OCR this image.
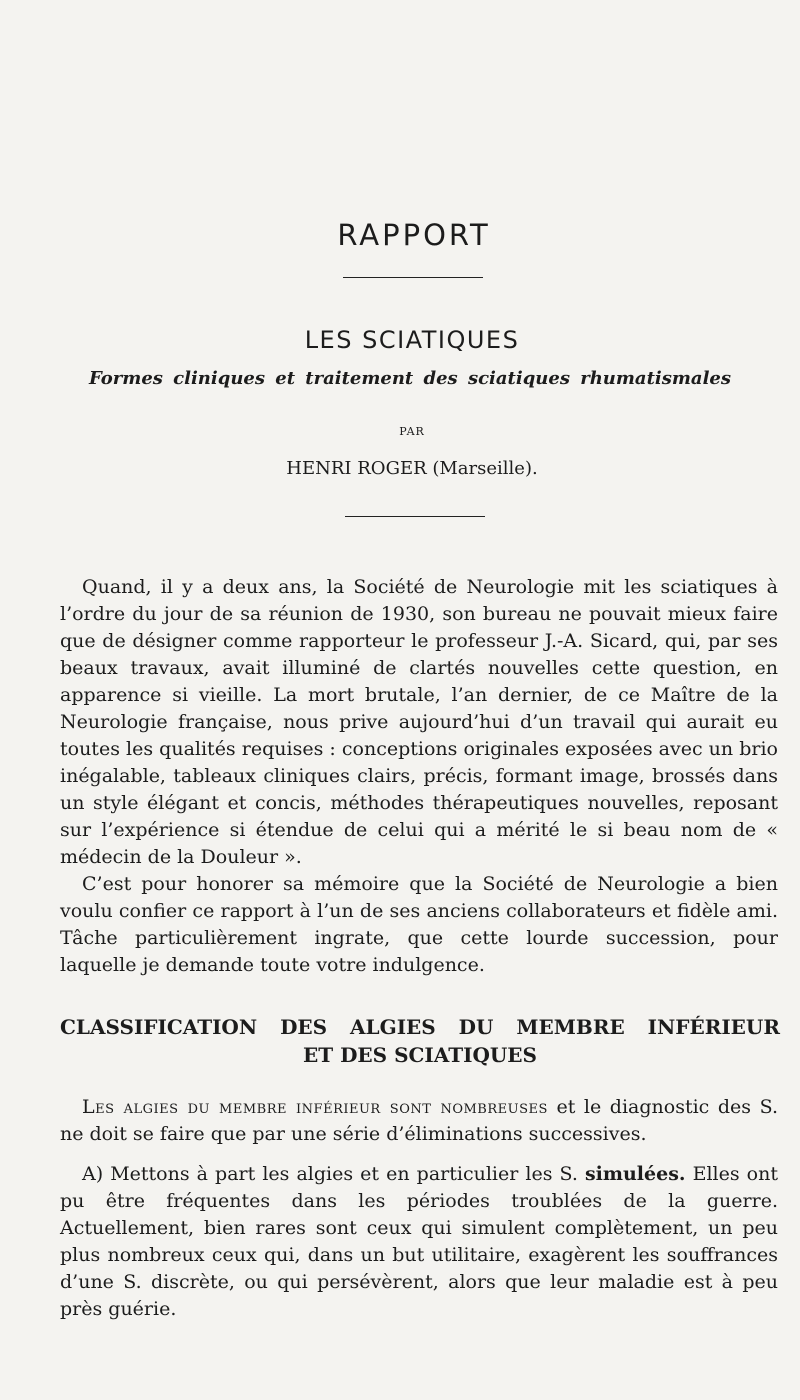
RAPPORT
LES SCIATIQUES
Formes cliniques et traitement des sciatiques rhumatismales
PAR
HENRI ROGER (Marseille).

Quand, il y a deux ans, la Société de Neurologie mit les sciatiques à l’ordre du jour de sa réunion de 1930, son bureau ne pouvait mieux faire que de désigner comme rapporteur le professeur J.-A. Sicard, qui, par ses beaux travaux, avait illuminé de clartés nouvelles cette question, en apparence si vieille. La mort brutale, l’an dernier, de ce Maître de la Neurologie française, nous prive aujourd’hui d’un travail qui aurait eu toutes les qualités requises : conceptions originales exposées avec un brio inégalable, tableaux cliniques clairs, précis, formant image, brossés dans un style élégant et concis, méthodes thérapeutiques nouvelles, reposant sur l’expérience si étendue de celui qui a mérité le si beau nom de « médecin de la Douleur ».

C’est pour honorer sa mémoire que la Société de Neurologie a bien voulu confier ce rapport à l’un de ses anciens collaborateurs et fidèle ami. Tâche particulièrement ingrate, que cette lourde succession, pour laquelle je demande toute votre indulgence.

CLASSIFICATION DES ALGIES DU MEMBRE INFÉRIEUR
ET DES SCIATIQUES

Les algies du membre inférieur sont nombreuses et le diagnostic des S. ne doit se faire que par une série d’éliminations successives.

A) Mettons à part les algies et en particulier les S. simulées. Elles ont pu être fréquentes dans les périodes troublées de la guerre. Actuellement, bien rares sont ceux qui simulent complètement, un peu plus nombreux ceux qui, dans un but utilitaire, exagèrent les souffrances d’une S. discrète, ou qui persévèrent, alors que leur maladie est à peu près guérie.
